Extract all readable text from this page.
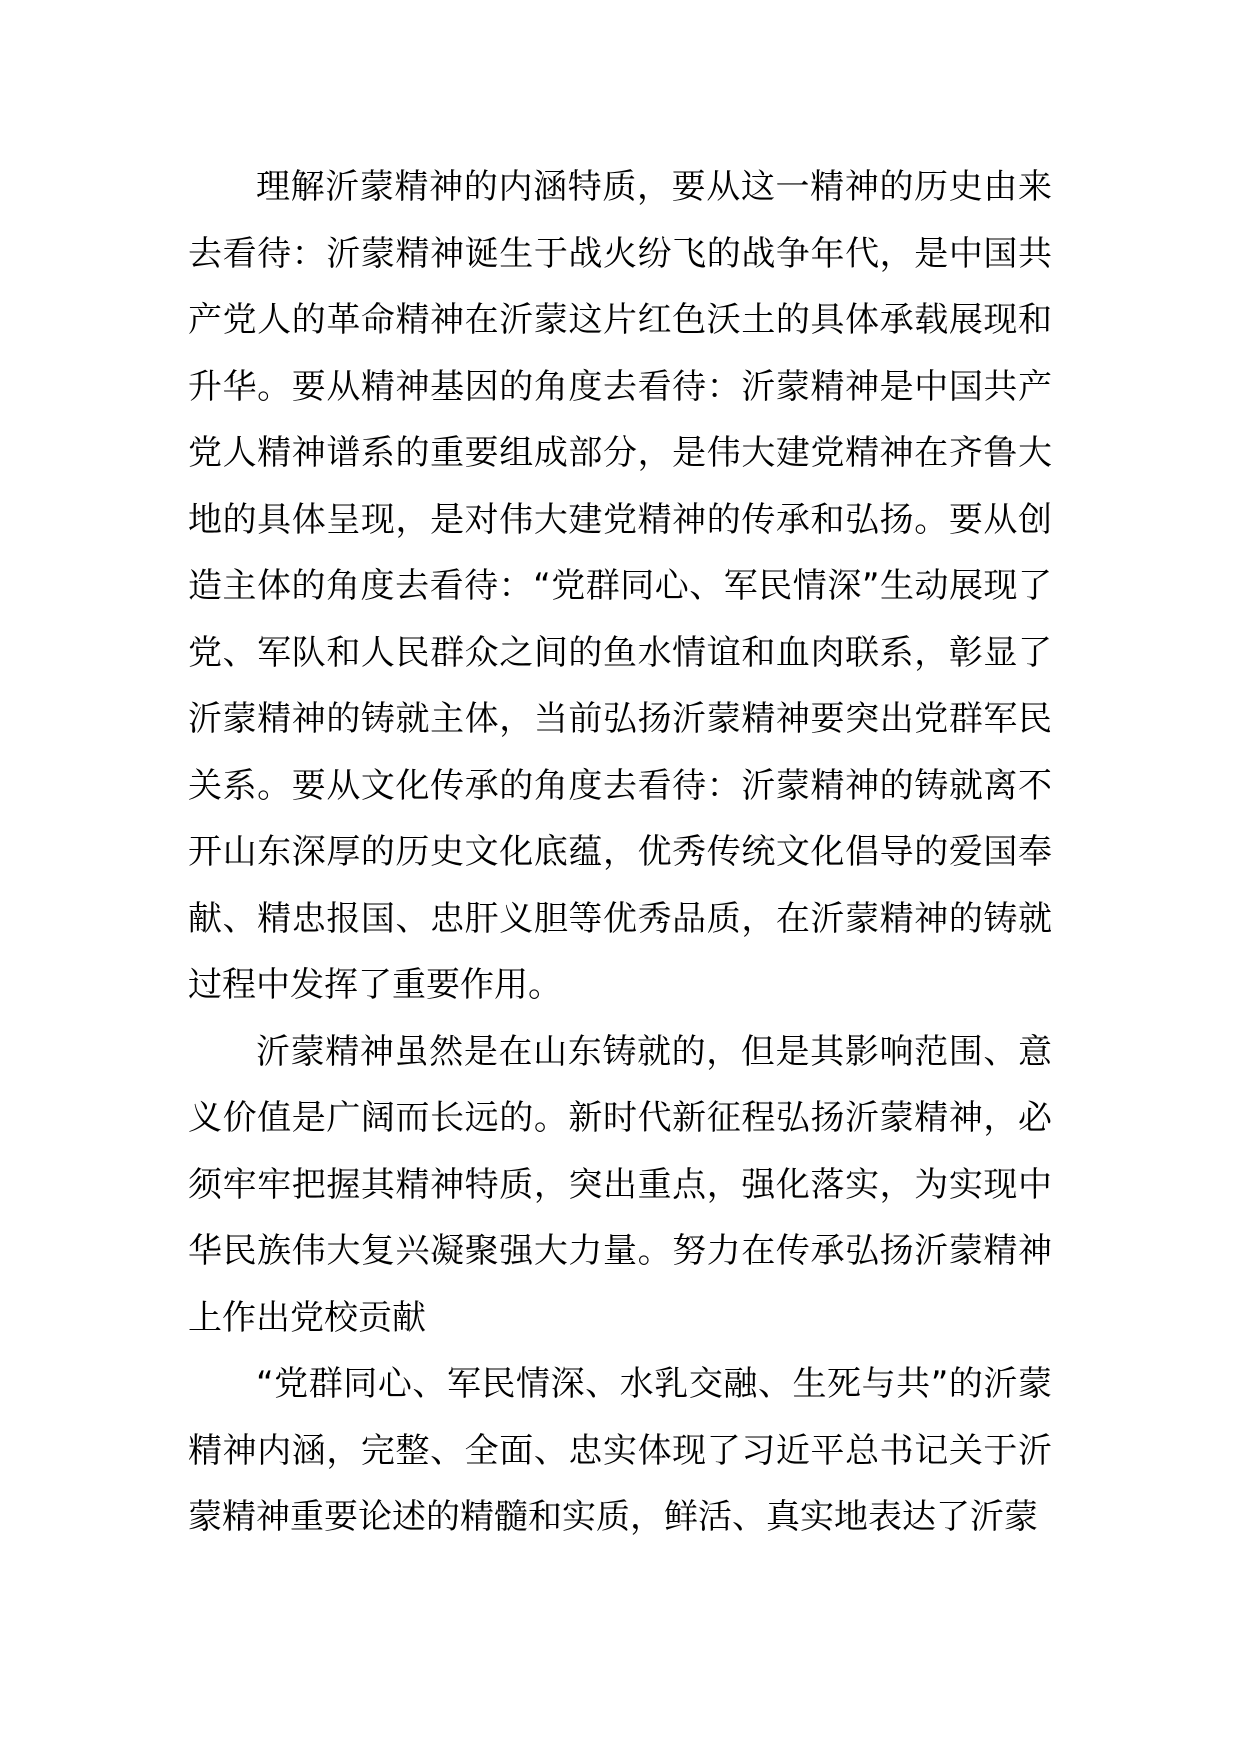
理解沂蒙精神的内涵特质，要从这一精神的历史由来去看待：沂蒙精神诞生于战火纷飞的战争年代，是中国共产党人的革命精神在沂蒙这片红色沃土的具体承载展现和升华。要从精神基因的角度去看待：沂蒙精神是中国共产党人精神谱系的重要组成部分，是伟大建党精神在齐鲁大地的具体呈现，是对伟大建党精神的传承和弘扬。要从创造主体的角度去看待：“党群同心、军民情深”生动展现了党、军队和人民群众之间的鱼水情谊和血肉联系，彰显了沂蒙精神的铸就主体，当前弘扬沂蒙精神要突出党群军民关系。要从文化传承的角度去看待：沂蒙精神的铸就离不开山东深厚的历史文化底蕴，优秀传统文化倡导的爱国奉献、精忠报国、忠肝义胆等优秀品质，在沂蒙精神的铸就过程中发挥了重要作用。

沂蒙精神虽然是在山东铸就的，但是其影响范围、意义价值是广阔而长远的。新时代新征程弘扬沂蒙精神，必须牢牢把握其精神特质，突出重点，强化落实，为实现中华民族伟大复兴凝聚强大力量。努力在传承弘扬沂蒙精神上作出党校贡献

“党群同心、军民情深、水乳交融、生死与共”的沂蒙精神内涵，完整、全面、忠实体现了习近平总书记关于沂蒙精神重要论述的精髓和实质，鲜活、真实地表达了沂蒙
